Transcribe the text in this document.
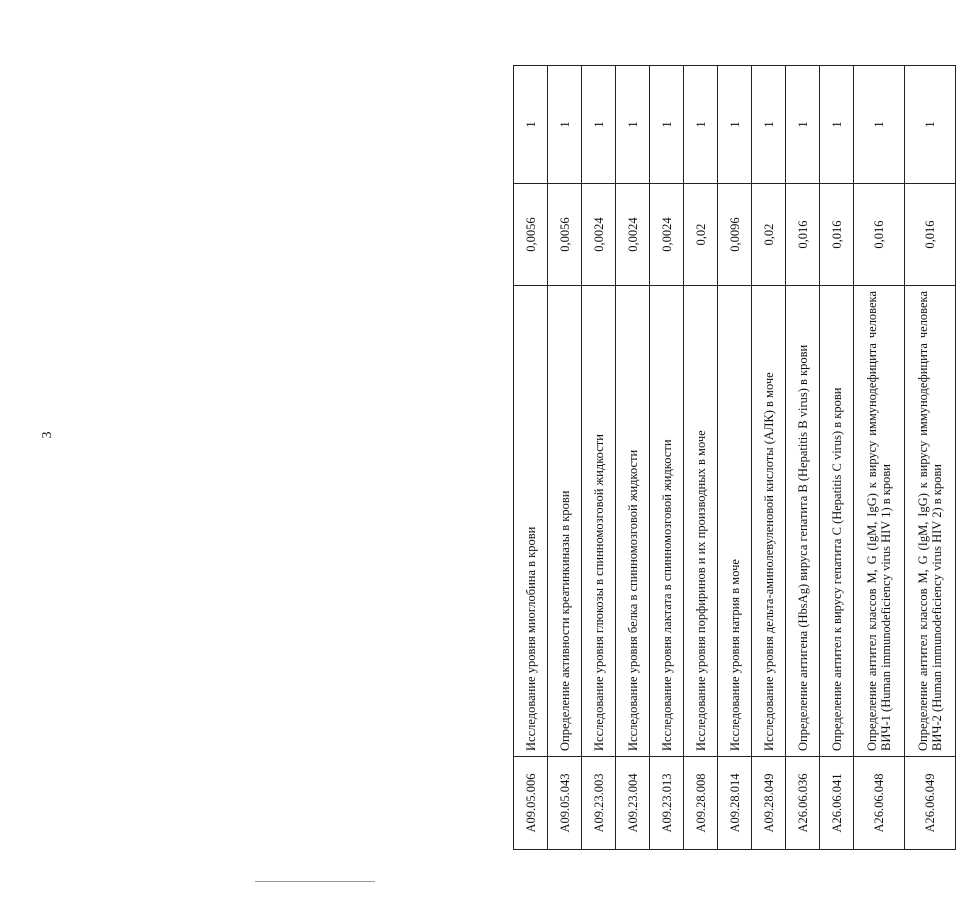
3
A09.05.006	Исследование уровня миоглобина в крови	0,0056	1
A09.05.043	Определение активности креатинкиназы в крови	0,0056	1
A09.23.003	Исследование уровня глюкозы в спинномозговой жидкости	0,0024	1
A09.23.004	Исследование уровня белка в спинномозговой жидкости	0,0024	1
A09.23.013	Исследование уровня лактата в спинномозговой жидкости	0,0024	1
A09.28.008	Исследование уровня порфиринов и их производных в моче	0,02	1
A09.28.014	Исследование уровня натрия в моче	0,0096	1
A09.28.049	Исследование уровня дельта-аминолевуленовой кислоты (АЛК) в моче	0,02	1
A26.06.036	Определение антигена (HbsAg) вируса гепатита B (Hepatitis B virus) в крови	0,016	1
A26.06.041	Определение антител к вирусу гепатита C (Hepatitis C virus) в крови	0,016	1
A26.06.048	Определение антител классов M, G (IgM, IgG) к вирусу иммунодефицита человека ВИЧ-1 (Human immunodeficiency virus HIV 1) в крови	0,016	1
A26.06.049	Определение антител классов M, G (IgM, IgG) к вирусу иммунодефицита человека ВИЧ-2 (Human immunodeficiency virus HIV 2) в крови	0,016	1
